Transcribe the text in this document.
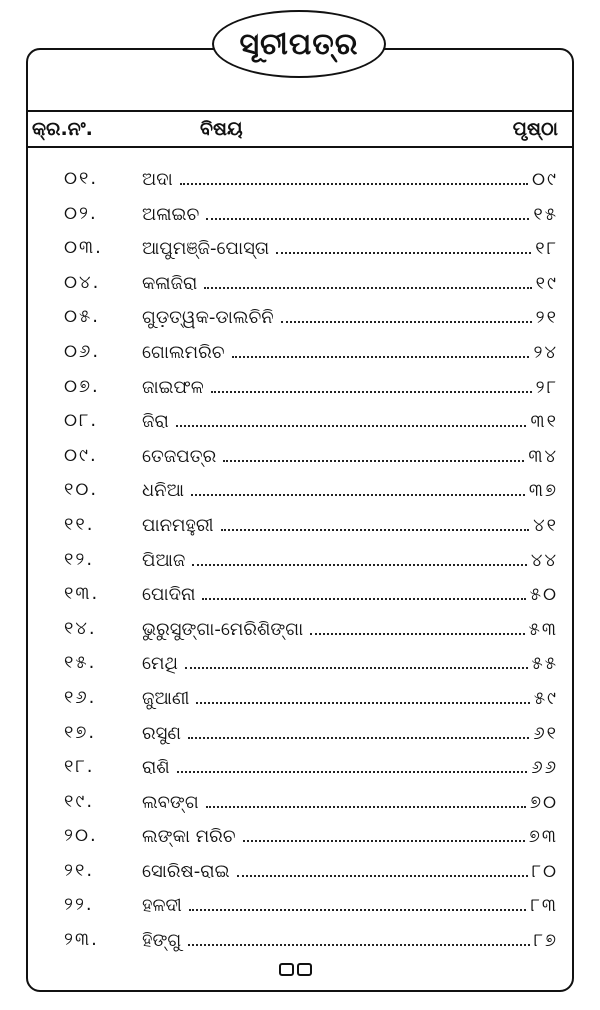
ସୂଚୀପତ୍ର
କ୍ର.ନଂ.	ବିଷୟ	ପୃଷ୍ଠା
୦୧. ଅଦା	୦୯
୦୨. ଅଳାଇଚ	୧୫
୦୩. ଆପୁମଞ୍ଜି-ପୋସ୍ତା	୧୮
୦୪. କଳାଜିରା	୧୯
୦୫. ଗୁଡ଼ତ୍ୱକ-ଡାଲଚିନି	୨୧
୦୬. ଗୋଲମରିଚ	୨୪
୦୭. ଜାଇଫଳ	୨୮
୦୮. ଜିରା	୩୧
୦୯. ତେଜପତ୍ର	୩୪
୧୦. ଧନିଆ	୩୭
୧୧.	ପାନମହୁରୀ	୪୧
୧୨.	ପିଆଜ	୪୪
୧୩. ପୋଦିନା	୫୦
୧୪.	ଭୁରୁସୁଙ୍ଗା-ମେରିଶିଙ୍ଗା	୫୩
୧୫.	ମେଥି	୫୫
୧୬.	ଜୁଆଣୀ	୫୯
୧୭.	ରସୁଣ	୬୧
୧୮.	ରାଶି	୬୬
୧୯.	ଲବଙ୍ଗ	୭୦
୨୦. ଲଙ୍କା ମରିଚ	୭୩
୨୧.	ସୋରିଷ-ରାଇ	୮୦
୨୨.	ହଳଦୀ	୮୩
୨୩. ହିଙ୍ଗୁ	୮୭
